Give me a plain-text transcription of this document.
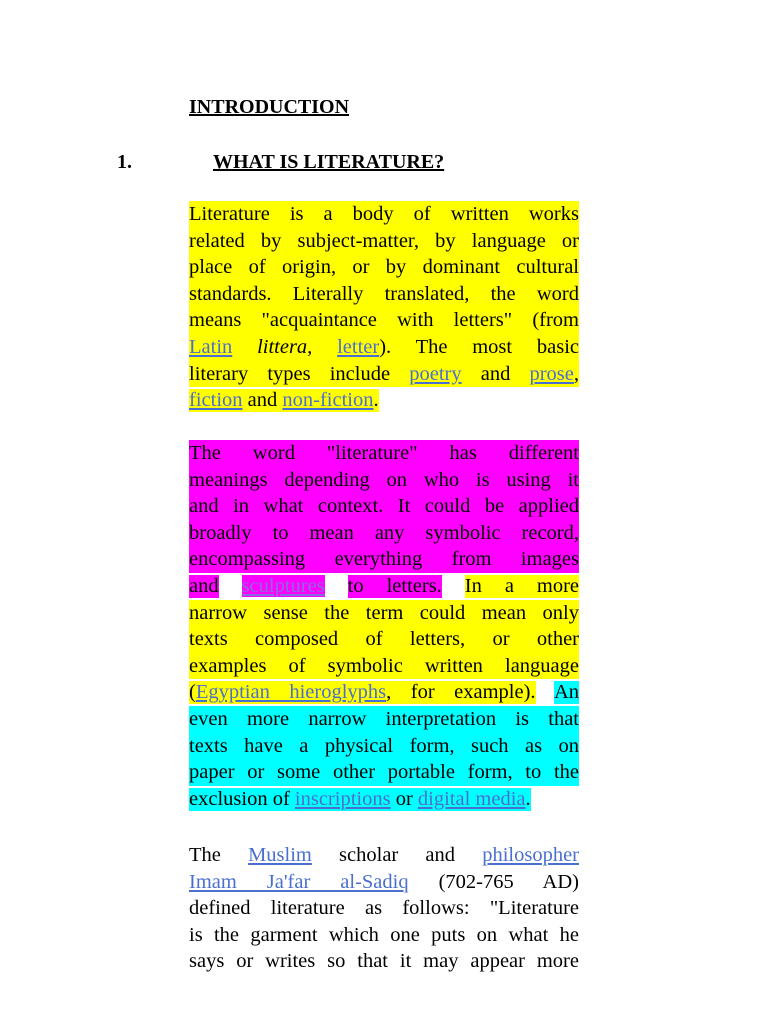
INTRODUCTION
1.	WHAT IS LITERATURE?
Literature is a body of written works
related by subject-matter, by language or
place of origin, or by dominant cultural
standards. Literally translated, the word
means "acquaintance with letters" (from
Latin littera, letter). The most basic
literary types include poetry and prose,
fiction and non-fiction.
The word "literature" has different
meanings depending on who is using it
and in what context. It could be applied
broadly to mean any symbolic record,
encompassing everything from images
and sculptures to letters. In a more
narrow sense the term could mean only
texts composed of letters, or other
examples of symbolic written language
(Egyptian hieroglyphs, for example). An
even more narrow interpretation is that
texts have a physical form, such as on
paper or some other portable form, to the
exclusion of inscriptions or digital media.
The Muslim scholar and philosopher
Imam Ja'far al-Sadiq (702-765 AD)
defined literature as follows: "Literature
is the garment which one puts on what he
says or writes so that it may appear more
